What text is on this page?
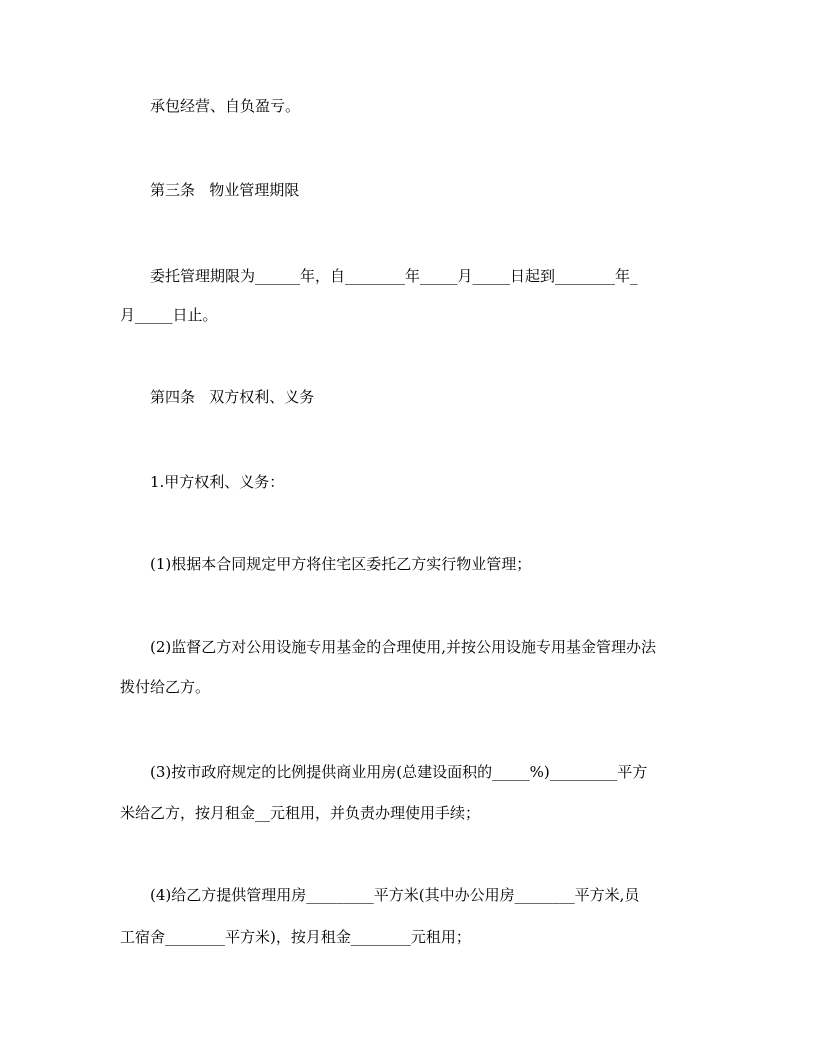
承包经营、自负盈亏。
第三条   物业管理期限
委托管理期限为______年，自________年_____月_____日起到________年_
月_____日止。
第四条   双方权利、义务
1.甲方权利、义务：
(1)根据本合同规定甲方将住宅区委托乙方实行物业管理；
(2)监督乙方对公用设施专用基金的合理使用,并按公用设施专用基金管理办法
拨付给乙方。
(3)按市政府规定的比例提供商业用房(总建设面积的_____%)_________平方
米给乙方，按月租金__元租用，并负责办理使用手续；
(4)给乙方提供管理用房_________平方米(其中办公用房________平方米,员
工宿舍________平方米)，按月租金________元租用；
